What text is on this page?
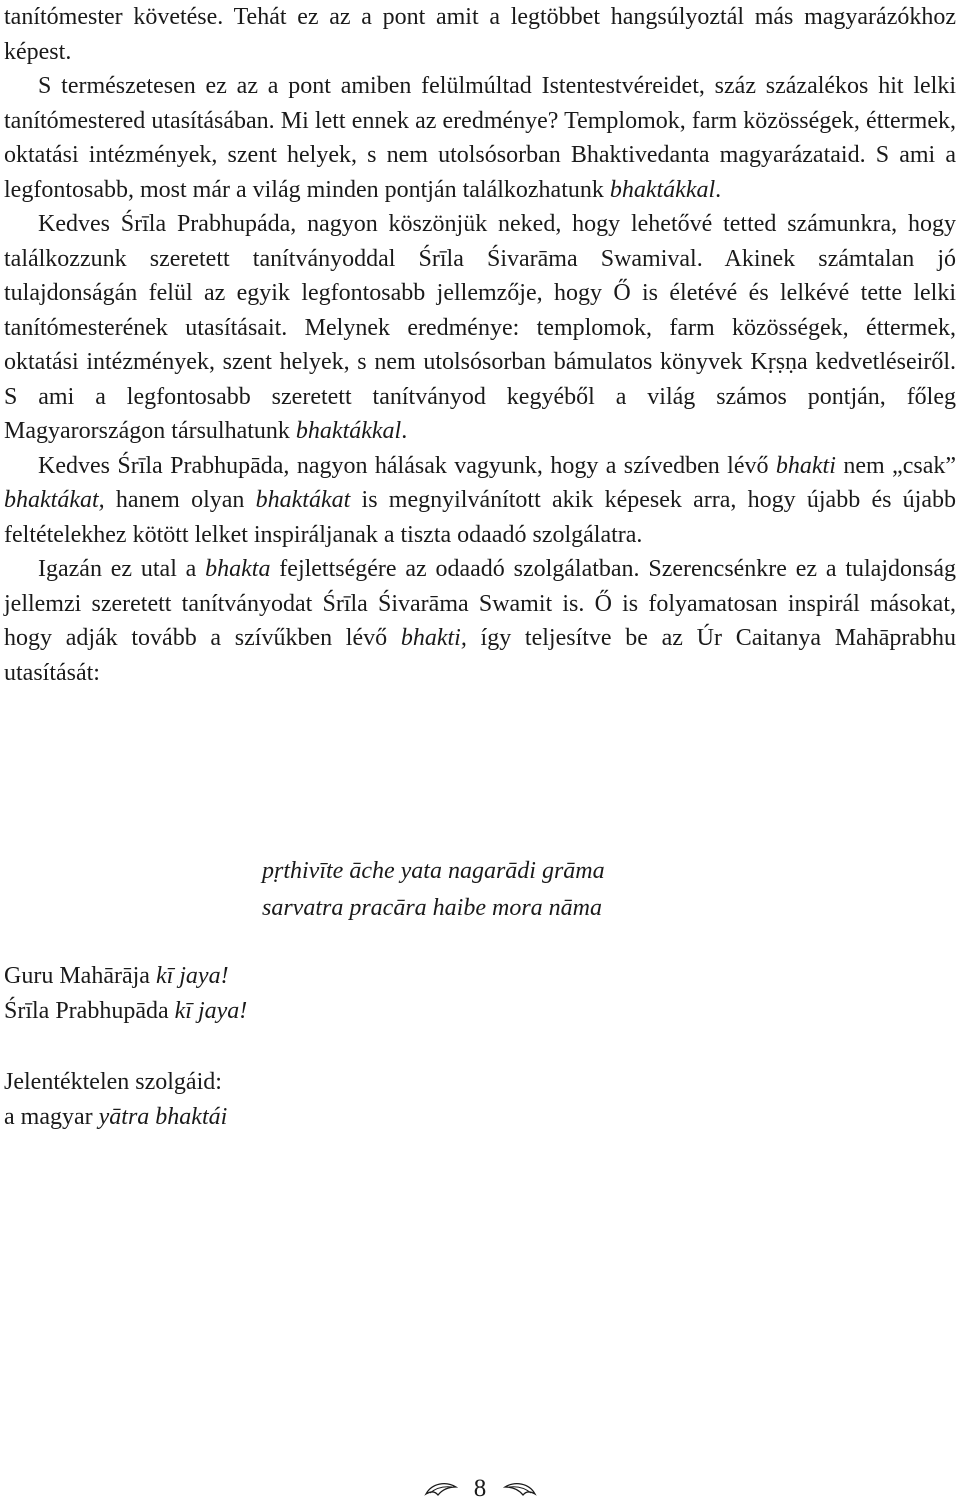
tanítómester követése. Tehát ez az a pont amit a legtöbbet hangsúlyoztál más magyarázókhoz képest.

S természetesen ez az a pont amiben felülmúltad Istentestvéreidet, száz százalékos hit lelki tanítómestered utasításában. Mi lett ennek az eredménye? Templomok, farm közösségek, éttermek, oktatási intézmények, szent helyek, s nem utolsósorban Bhaktivedanta magyarázataid. S ami a legfontosabb, most már a világ minden pontján találkozhatunk bhaktákkal.

Kedves Śrīla Prabhupáda, nagyon köszönjük neked, hogy lehetővé tetted számunkra, hogy találkozzunk szeretett tanítványoddal Śrīla Śivarāma Swamival. Akinek számtalan jó tulajdonságán felül az egyik legfontosabb jellemzője, hogy Ő is életévé és lelkévé tette lelki tanítómesterének utasításait. Melynek eredménye: templomok, farm közösségek, éttermek, oktatási intézmények, szent helyek, s nem utolsósorban bámulatos könyvek Kṛṣṇa kedvetléseiről. S ami a legfontosabb szeretett tanítványod kegyéből a világ számos pontján, főleg Magyarországon társulhatunk bhaktákkal.

Kedves Śrīla Prabhupāda, nagyon hálásak vagyunk, hogy a szívedben lévő bhakti nem „csak” bhaktákat, hanem olyan bhaktákat is megnyilvánított akik képesek arra, hogy újabb és újabb feltételekhez kötött lelket inspiráljanak a tiszta odaadó szolgálatra.

Igazán ez utal a bhakta fejlettségére az odaadó szolgálatban. Szerencsénkre ez a tulajdonság jellemzi szeretett tanítványodat Śrīla Śivarāma Swamit is. Ő is folyamatosan inspirál másokat, hogy adják tovább a szívűkben lévő bhakti, így teljesítve be az Úr Caitanya Mahāprabhu utasítását:

pṛthivīte āche yata nagarādi grāma
sarvatra pracāra haibe mora nāma
Guru Mahārāja kī jaya!
Śrīla Prabhupāda kī jaya!
Jelentéktelen szolgáid:
a magyar yātra bhaktái
8
